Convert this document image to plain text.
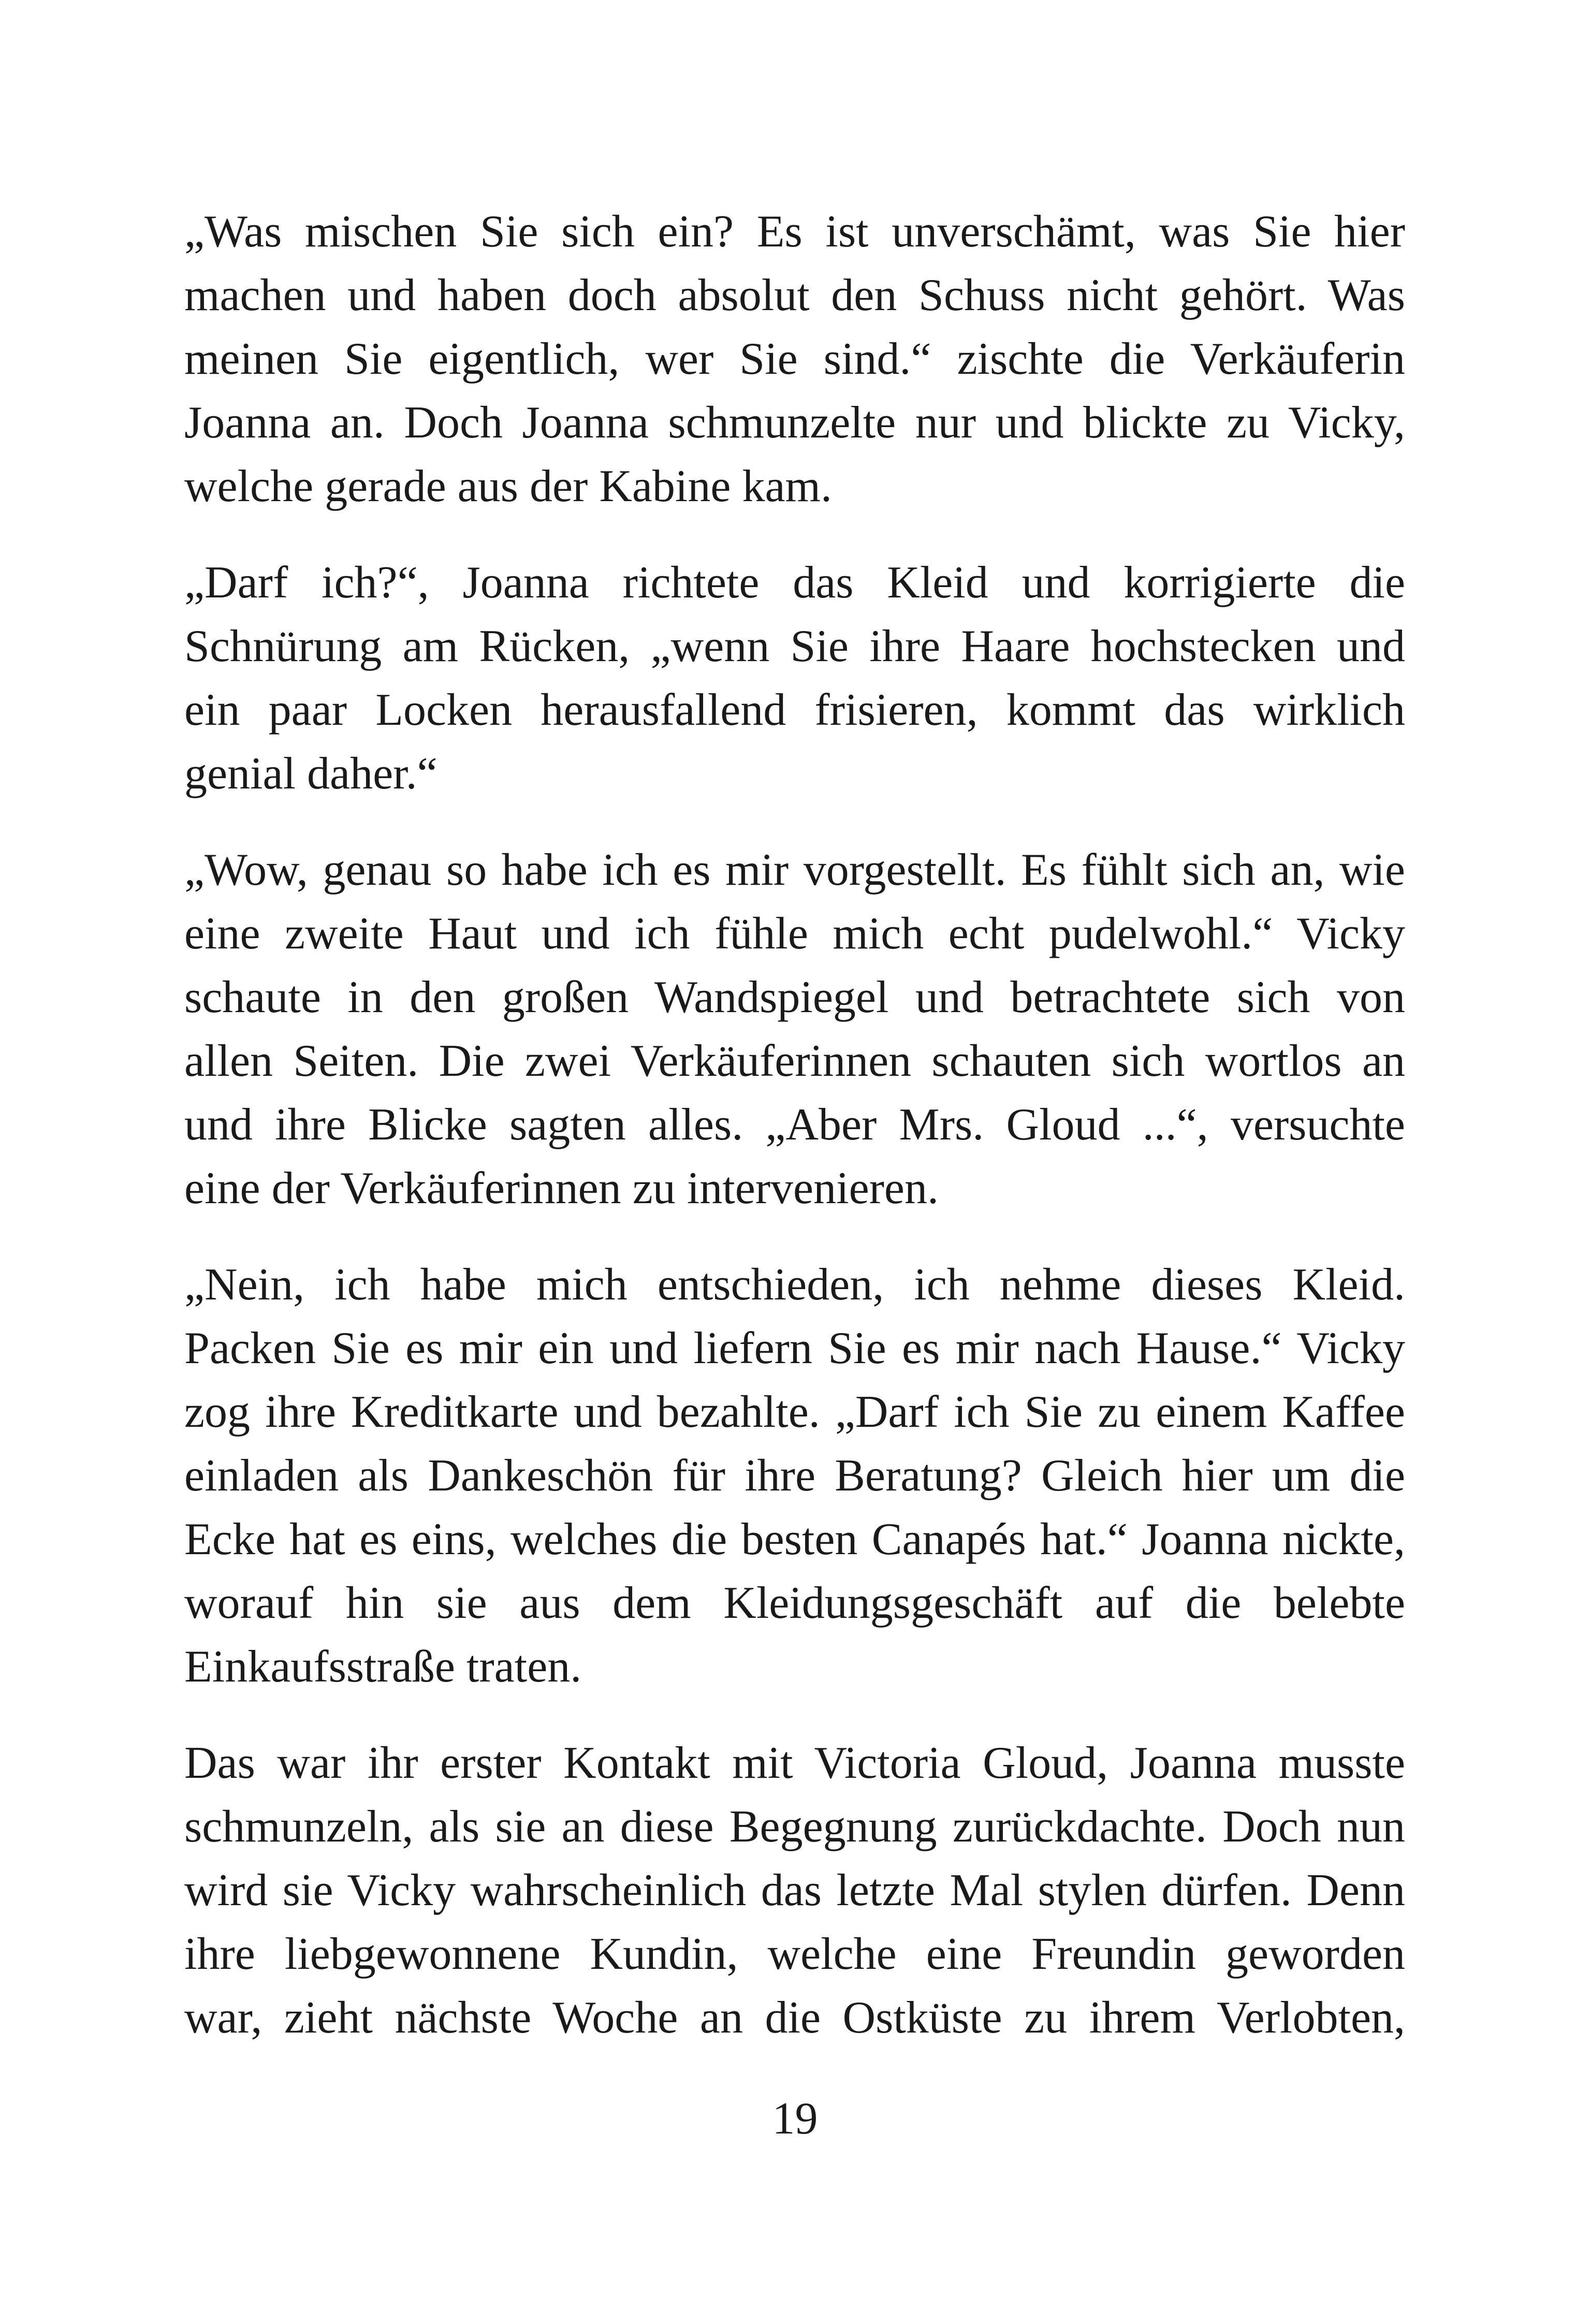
„Was mischen Sie sich ein? Es ist unverschämt, was Sie hier
machen und haben doch absolut den Schuss nicht gehört. Was
meinen Sie eigentlich, wer Sie sind.“ zischte die Verkäuferin
Joanna an. Doch Joanna schmunzelte nur und blickte zu Vicky,
welche gerade aus der Kabine kam.

„Darf ich?“, Joanna richtete das Kleid und korrigierte die
Schnürung am Rücken, „wenn Sie ihre Haare hochstecken und
ein paar Locken herausfallend frisieren, kommt das wirklich
genial daher.“

„Wow, genau so habe ich es mir vorgestellt. Es fühlt sich an, wie
eine zweite Haut und ich fühle mich echt pudelwohl.“ Vicky
schaute in den großen Wandspiegel und betrachtete sich von
allen Seiten. Die zwei Verkäuferinnen schauten sich wortlos an
und ihre Blicke sagten alles. „Aber Mrs. Gloud ...“, versuchte
eine der Verkäuferinnen zu intervenieren.

„Nein, ich habe mich entschieden, ich nehme dieses Kleid.
Packen Sie es mir ein und liefern Sie es mir nach Hause.“ Vicky
zog ihre Kreditkarte und bezahlte. „Darf ich Sie zu einem Kaffee
einladen als Dankeschön für ihre Beratung? Gleich hier um die
Ecke hat es eins, welches die besten Canapés hat.“ Joanna nickte,
worauf hin sie aus dem Kleidungsgeschäft auf die belebte
Einkaufsstraße traten.

Das war ihr erster Kontakt mit Victoria Gloud, Joanna musste
schmunzeln, als sie an diese Begegnung zurückdachte. Doch nun
wird sie Vicky wahrscheinlich das letzte Mal stylen dürfen. Denn
ihre liebgewonnene Kundin, welche eine Freundin geworden
war, zieht nächste Woche an die Ostküste zu ihrem Verlobten,

19
